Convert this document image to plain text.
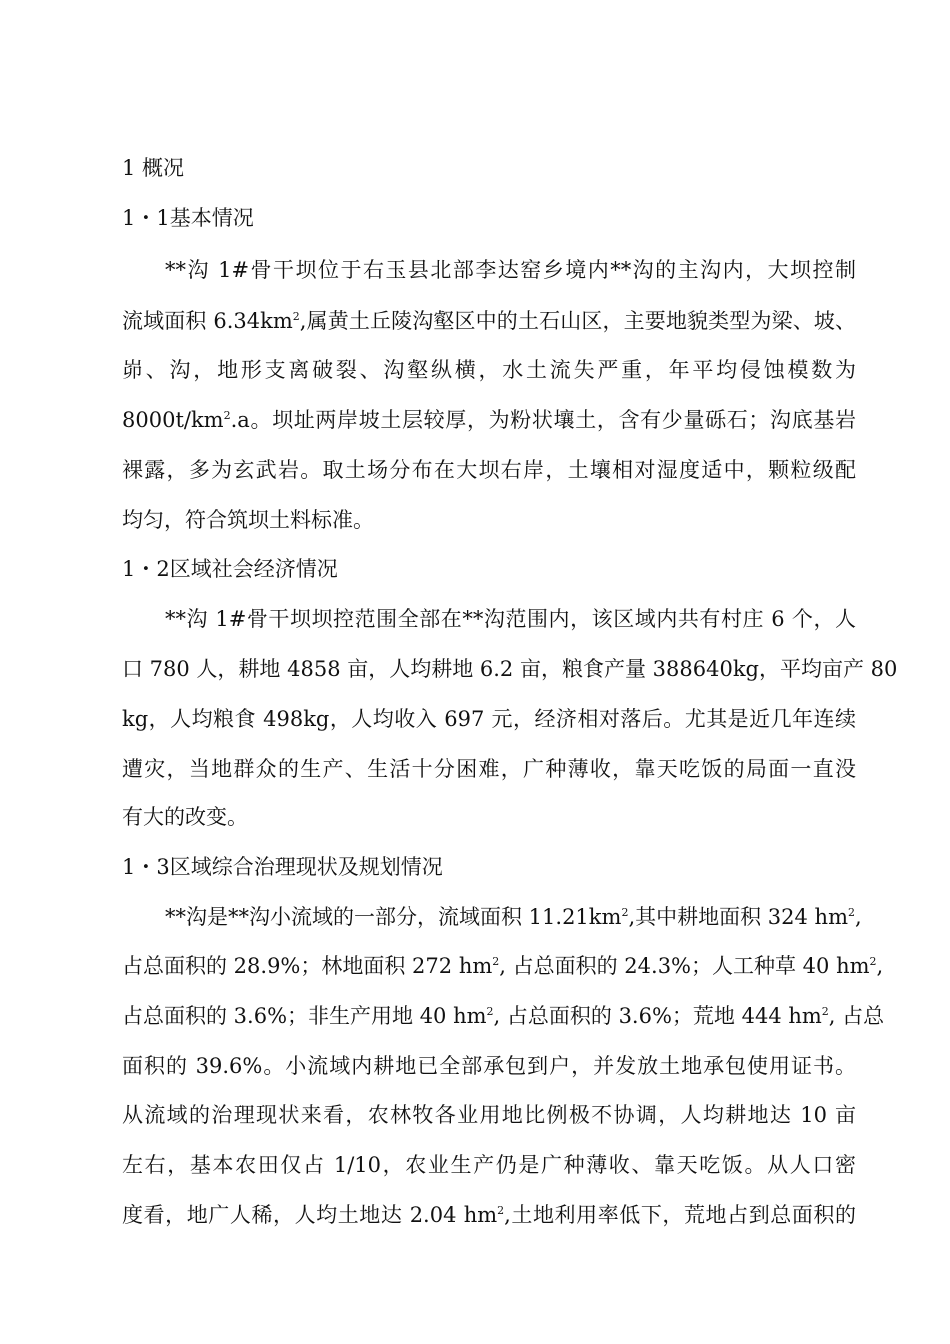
1 概况
1・1基本情况
**沟 1#骨干坝位于右玉县北部李达窑乡境内**沟的主沟内，大坝控制
流域面积 $6.34km^2$,属黄土丘陵沟壑区中的土石山区，主要地貌类型为梁、坡、
峁、沟，地形支离破裂、沟壑纵横，水土流失严重，年平均侵蚀模数为
$8000t/km^2.a$。坝址两岸坡土层较厚，为粉状壤土，含有少量砾石；沟底基岩
裸露，多为玄武岩。取土场分布在大坝右岸，土壤相对湿度适中，颗粒级配
均匀，符合筑坝土料标准。
1・2区域社会经济情况
**沟 1#骨干坝坝控范围全部在**沟范围内，该区域内共有村庄 6 个，人
口 780 人，耕地 4858 亩，人均耕地 6.2 亩，粮食产量 388640kg，平均亩产 80
kg，人均粮食 498kg，人均收入 697 元，经济相对落后。尤其是近几年连续
遭灾，当地群众的生产、生活十分困难，广种薄收，靠天吃饭的局面一直没
有大的改变。
1・3区域综合治理现状及规划情况
**沟是**沟小流域的一部分，流域面积 $11.21km^2$,其中耕地面积 324 $hm^2$,
占总面积的 28.9%；林地面积 272 $hm^2$, 占总面积的 24.3%；人工种草 40 $hm^2$,
占总面积的 3.6%；非生产用地 40 $hm^2$, 占总面积的 3.6%；荒地 444 $hm^2$, 占总
面积的 39.6%。小流域内耕地已全部承包到户，并发放土地承包使用证书。
从流域的治理现状来看，农林牧各业用地比例极不协调，人均耕地达 10 亩
左右，基本农田仅占 1/10，农业生产仍是广种薄收、靠天吃饭。从人口密
度看，地广人稀，人均土地达 2.04 $hm^2$,土地利用率低下，荒地占到总面积的
